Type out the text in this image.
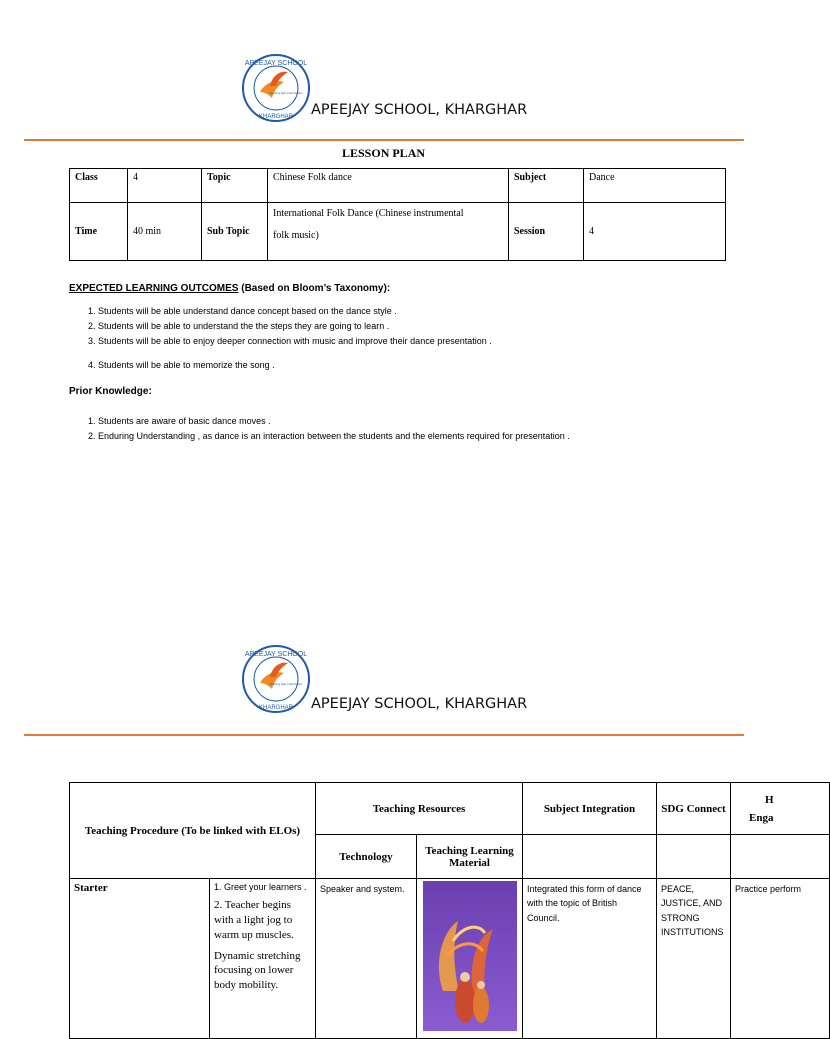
APEEJAY SCHOOL
KHARGHAR
Teaching High is My Mission
APEEJAY SCHOOL, KHARGHAR
LESSON PLAN
Class	4	Topic	Chinese Folk dance	Subject	Dance
Time	40 min	Sub Topic	International Folk Dance (Chinese instrumental
folk music)	Session	4
EXPECTED LEARNING OUTCOMES (Based on Bloom’s Taxonomy):
1. Students will be able understand dance concept based on the dance style .
2. Students will be able to understand the the steps they are going to learn .
3. Students will be able to enjoy deeper connection with music and improve their dance presentation .
4. Students will be able to memorize the song .
Prior Knowledge:
1. Students are aware of basic dance moves .
2. Enduring Understanding , as dance is an interaction between the students and the elements required for presentation .
APEEJAY SCHOOL
KHARGHAR
Teaching High is My Mission
APEEJAY SCHOOL, KHARGHAR
Teaching Procedure (To be linked with ELOs)		Teaching Resources		Subject Integration	SDG Connect	H
Enga

		Technology	Teaching Learning Material			
Starter	1. Greet your learners .

2. Teacher begins with a light jog to warm up muscles.

Dynamic stretching focusing on lower body mobility.	Speaker and system.		Integrated this form of dance with the topic of British Council.	PEACE, JUSTICE, AND STRONG INSTITUTIONS	Practice perform
